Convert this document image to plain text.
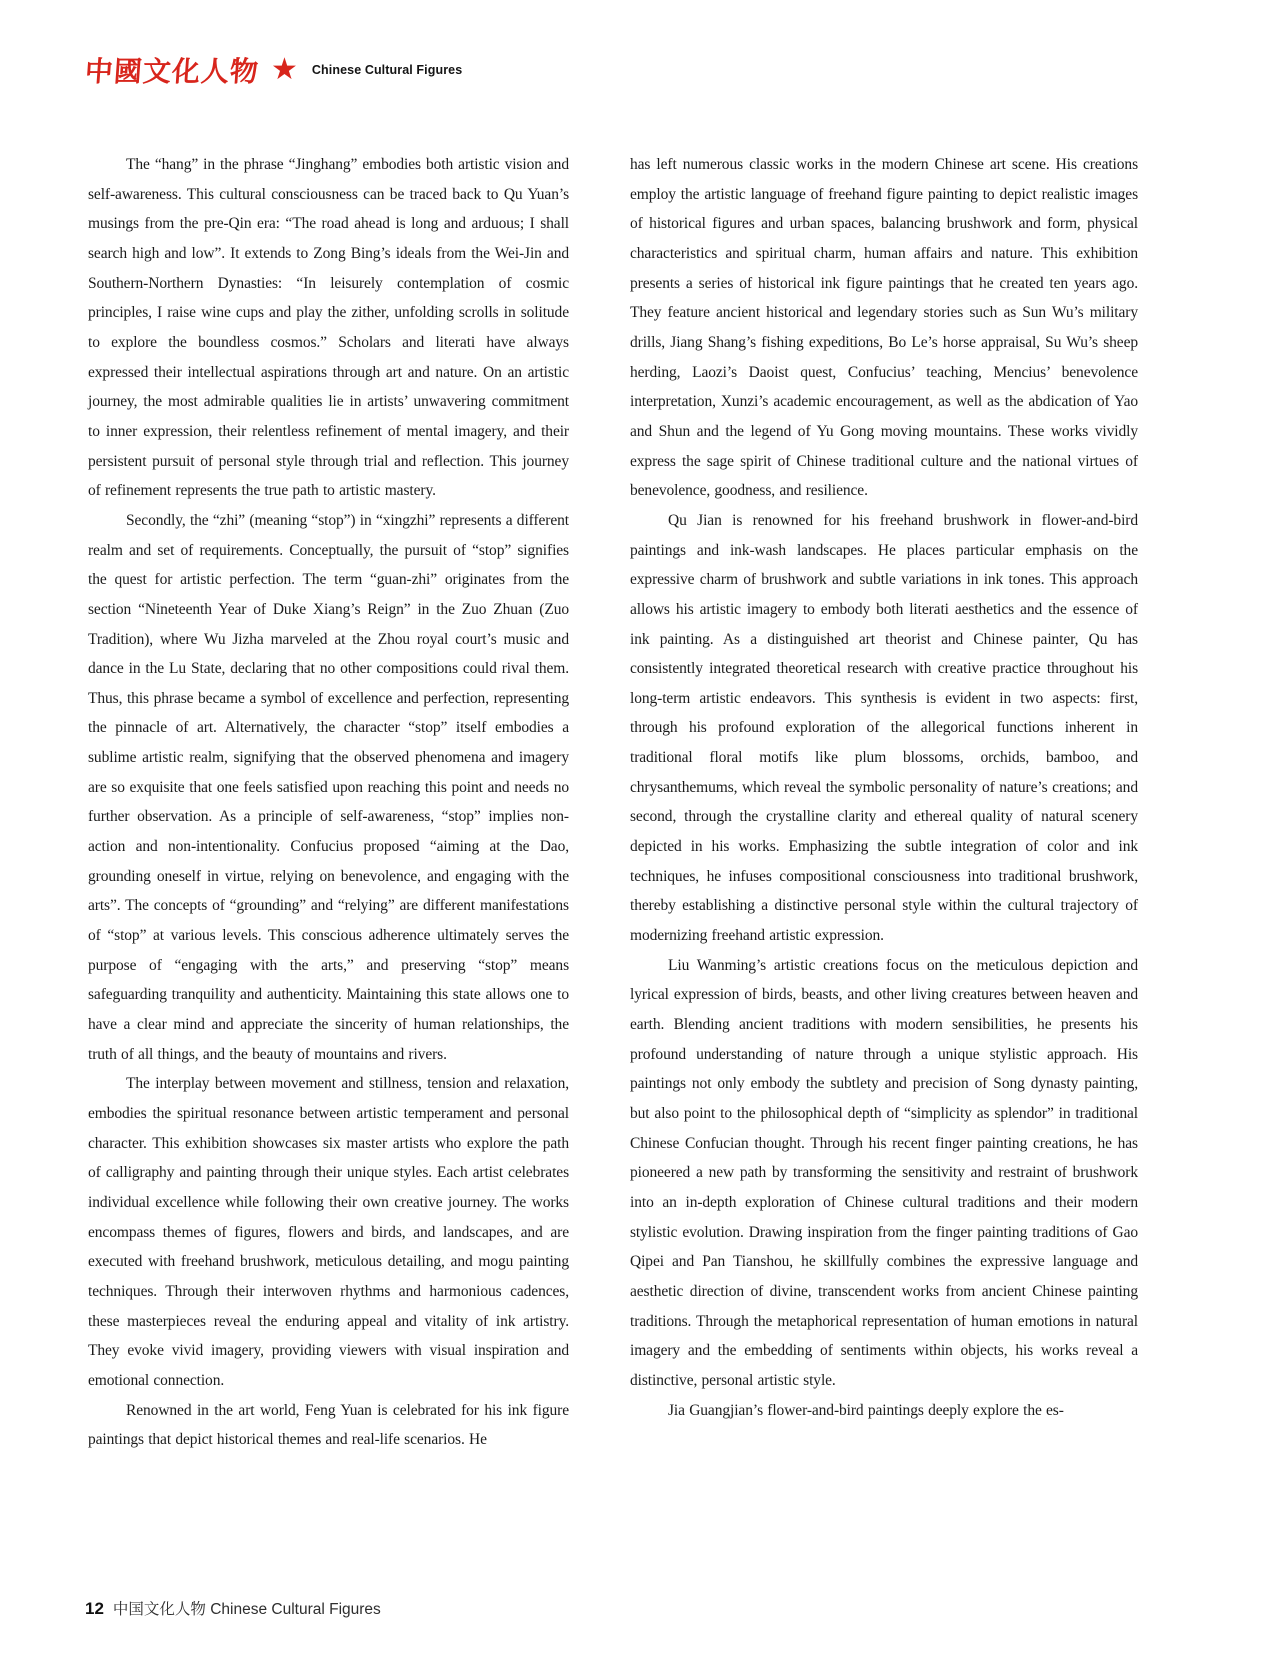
中國文化人物 ★ Chinese Cultural Figures

The “hang” in the phrase “Jinghang” embodies both artistic vision and self-awareness. This cultural consciousness can be traced back to Qu Yuan’s musings from the pre-Qin era: “The road ahead is long and arduous; I shall search high and low”. It extends to Zong Bing’s ideals from the Wei-Jin and Southern-Northern Dynasties: “In leisurely contemplation of cosmic principles, I raise wine cups and play the zither, unfolding scrolls in solitude to explore the boundless cosmos.” Scholars and literati have always expressed their intellectual aspirations through art and nature. On an artistic journey, the most admirable qualities lie in artists’ unwavering commitment to inner expression, their relentless refinement of mental imagery, and their persistent pursuit of personal style through trial and reflection. This journey of refinement represents the true path to artistic mastery.

Secondly, the “zhi” (meaning “stop”) in “xingzhi” represents a different realm and set of requirements. Conceptually, the pursuit of “stop” signifies the quest for artistic perfection. The term “guan-zhi” originates from the section “Nineteenth Year of Duke Xiang’s Reign” in the Zuo Zhuan (Zuo Tradition), where Wu Jizha marveled at the Zhou royal court’s music and dance in the Lu State, declaring that no other compositions could rival them. Thus, this phrase became a symbol of excellence and perfection, representing the pinnacle of art. Alternatively, the character “stop” itself embodies a sublime artistic realm, signifying that the observed phenomena and imagery are so exquisite that one feels satisfied upon reaching this point and needs no further observation. As a principle of self-awareness, “stop” implies non-action and non-intentionality. Confucius proposed “aiming at the Dao, grounding oneself in virtue, relying on benevolence, and engaging with the arts”. The concepts of “grounding” and “relying” are different manifestations of “stop” at various levels. This conscious adherence ultimately serves the purpose of “engaging with the arts,” and preserving “stop” means safeguarding tranquility and authenticity. Maintaining this state allows one to have a clear mind and appreciate the sincerity of human relationships, the truth of all things, and the beauty of mountains and rivers.

The interplay between movement and stillness, tension and relaxation, embodies the spiritual resonance between artistic temperament and personal character. This exhibition showcases six master artists who explore the path of calligraphy and painting through their unique styles. Each artist celebrates individual excellence while following their own creative journey. The works encompass themes of figures, flowers and birds, and landscapes, and are executed with freehand brushwork, meticulous detailing, and mogu painting techniques. Through their interwoven rhythms and harmonious cadences, these masterpieces reveal the enduring appeal and vitality of ink artistry. They evoke vivid imagery, providing viewers with visual inspiration and emotional connection.

Renowned in the art world, Feng Yuan is celebrated for his ink figure paintings that depict historical themes and real-life scenarios. He

has left numerous classic works in the modern Chinese art scene. His creations employ the artistic language of freehand figure painting to depict realistic images of historical figures and urban spaces, balancing brushwork and form, physical characteristics and spiritual charm, human affairs and nature. This exhibition presents a series of historical ink figure paintings that he created ten years ago. They feature ancient historical and legendary stories such as Sun Wu’s military drills, Jiang Shang’s fishing expeditions, Bo Le’s horse appraisal, Su Wu’s sheep herding, Laozi’s Daoist quest, Confucius’ teaching, Mencius’ benevolence interpretation, Xunzi’s academic encouragement, as well as the abdication of Yao and Shun and the legend of Yu Gong moving mountains. These works vividly express the sage spirit of Chinese traditional culture and the national virtues of benevolence, goodness, and resilience.

Qu Jian is renowned for his freehand brushwork in flower-and-bird paintings and ink-wash landscapes. He places particular emphasis on the expressive charm of brushwork and subtle variations in ink tones. This approach allows his artistic imagery to embody both literati aesthetics and the essence of ink painting. As a distinguished art theorist and Chinese painter, Qu has consistently integrated theoretical research with creative practice throughout his long-term artistic endeavors. This synthesis is evident in two aspects: first, through his profound exploration of the allegorical functions inherent in traditional floral motifs like plum blossoms, orchids, bamboo, and chrysanthemums, which reveal the symbolic personality of nature’s creations; and second, through the crystalline clarity and ethereal quality of natural scenery depicted in his works. Emphasizing the subtle integration of color and ink techniques, he infuses compositional consciousness into traditional brushwork, thereby establishing a distinctive personal style within the cultural trajectory of modernizing freehand artistic expression.

Liu Wanming’s artistic creations focus on the meticulous depiction and lyrical expression of birds, beasts, and other living creatures between heaven and earth. Blending ancient traditions with modern sensibilities, he presents his profound understanding of nature through a unique stylistic approach. His paintings not only embody the subtlety and precision of Song dynasty painting, but also point to the philosophical depth of “simplicity as splendor” in traditional Chinese Confucian thought. Through his recent finger painting creations, he has pioneered a new path by transforming the sensitivity and restraint of brushwork into an in-depth exploration of Chinese cultural traditions and their modern stylistic evolution. Drawing inspiration from the finger painting traditions of Gao Qipei and Pan Tianshou, he skillfully combines the expressive language and aesthetic direction of divine, transcendent works from ancient Chinese painting traditions. Through the metaphorical representation of human emotions in natural imagery and the embedding of sentiments within objects, his works reveal a distinctive, personal artistic style.

Jia Guangjian’s flower-and-bird paintings deeply explore the es-

12 中国文化人物 Chinese Cultural Figures
